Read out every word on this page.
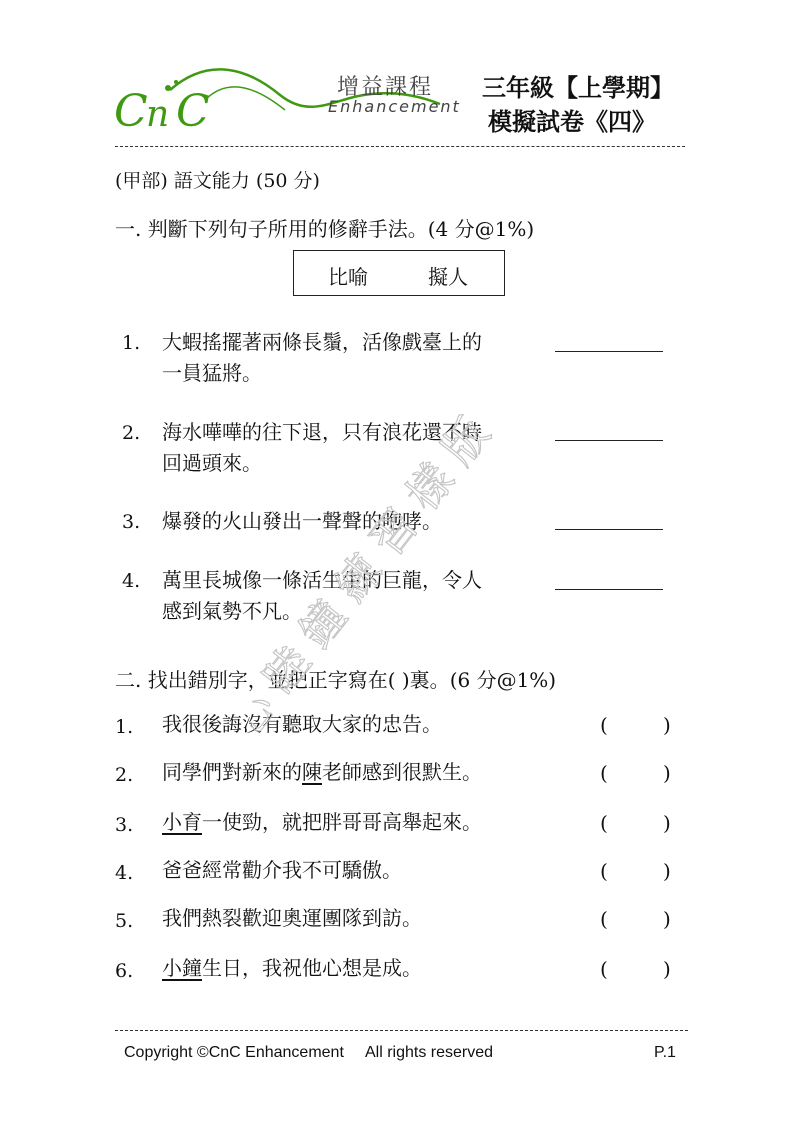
C
n C	增益課程
Enhancement
三年級【上學期】
模擬試卷《四》
(甲部) 語文能力 (50 分)
一. 判斷下列句子所用的修辭手法。(4 分@1%)
比喻	擬人
1. 大蝦搖擺著兩條長鬚，活像戲臺上的
一員猛將。
2. 海水嘩嘩的往下退，只有浪花還不時
回過頭來。
3. 爆發的火山發出一聲聲的咆哮。
4. 萬里長城像一條活生生的巨龍，令人
感到氣勢不凡。
二. 找出錯別字，並把正字寫在( )裏。(6 分@1%)
1. 我很後誨沒有聽取大家的忠告。	(	)
2. 同學們對新來的陳老師感到很默生。	(	)
3. 小育一使勁，就把胖哥哥高舉起來。	(	)
4. 爸爸經常勸介我不可驕傲。	(	)
5. 我們熱裂歡迎奧運團隊到訪。	(	)
6. 小鐘生日，我祝他心想是成。	(	)
心睦鐘練習樣版
Copyright ©CnC Enhancement All rights reserved	P.1
